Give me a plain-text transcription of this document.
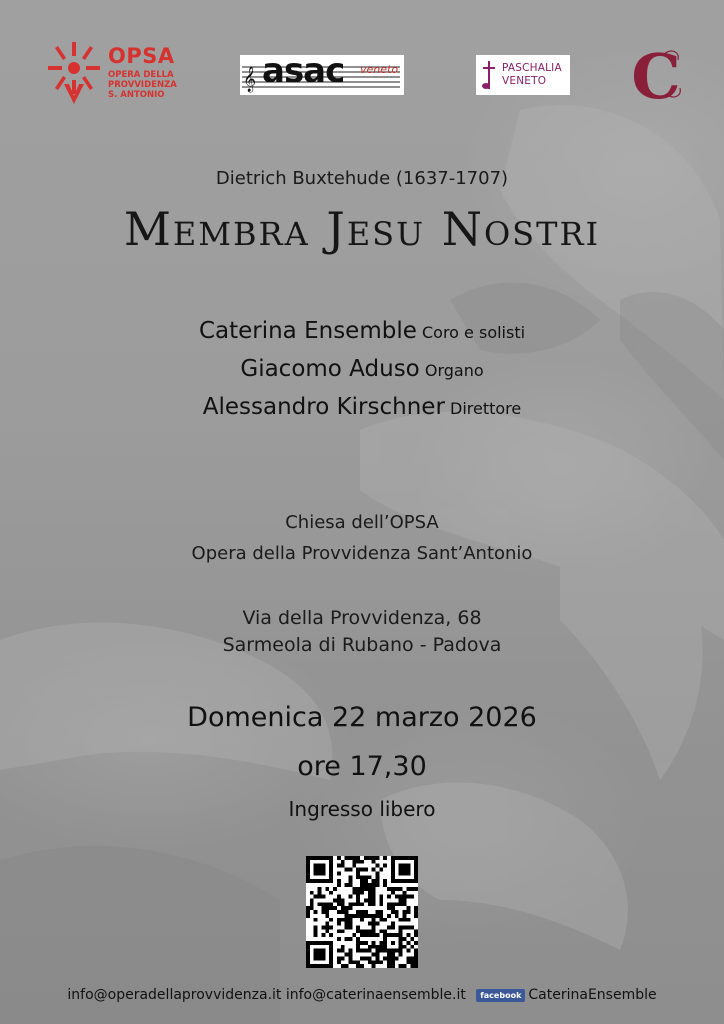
OPSA
OPERA DELLA
PROVVIDENZA
S. ANTONIO
𝄞 asac veneto	PASCHALIA
VENETO C

Dietrich Buxtehude (1637-1707)

Membra Jesu Nostri

Caterina Ensemble Coro e solisti
Giacomo Aduso Organo
Alessandro Kirschner Direttore

Chiesa dell’OPSA

Opera della Provvidenza Sant’Antonio

Via della Provvidenza, 68

Sarmeola di Rubano - Padova

Domenica 22 marzo 2026

ore 17,30

Ingresso libero

info@operadellaprovvidenza.it info@caterinaensemble.it facebook CaterinaEnsemble
